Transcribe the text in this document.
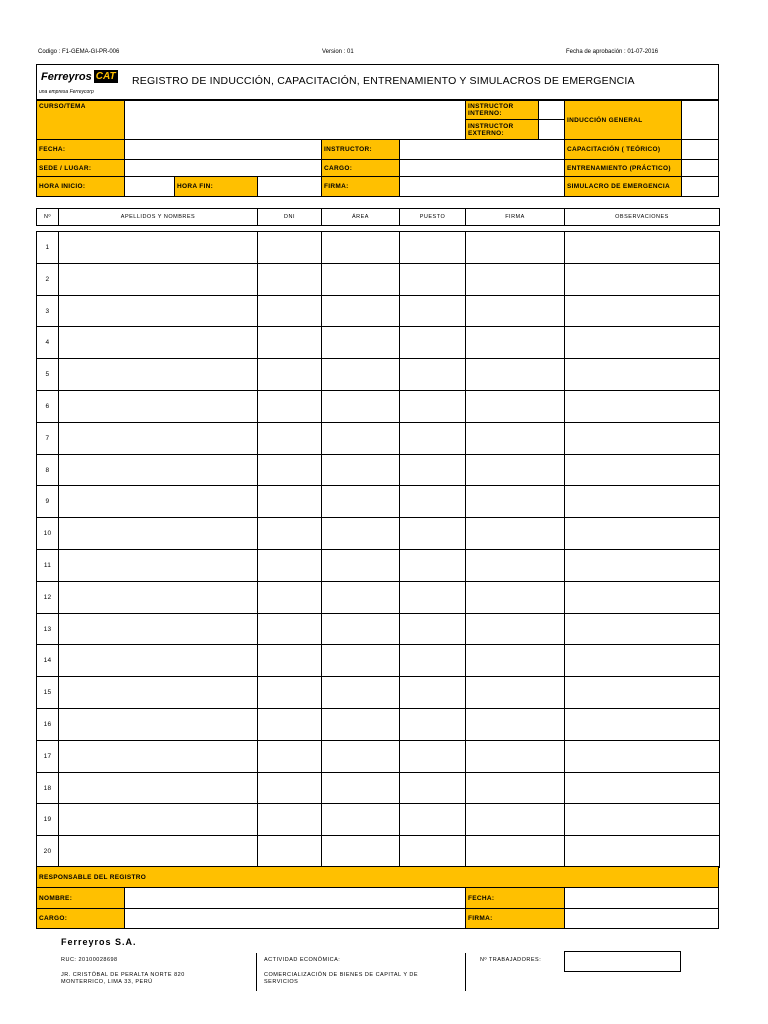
Codigo : F1-GEMA-GI-PR-006	Version : 01	Fecha de aprobación : 01-07-2016
Ferreyros CAT
una empresa Ferreycorp
REGISTRO DE INDUCCIÓN, CAPACITACIÓN, ENTRENAMIENTO Y SIMULACROS DE EMERGENCIA
CURSO/TEMA	INSTRUCTOR INTERNO:
INSTRUCTOR EXTERNO:
INDUCCIÓN GENERAL
FECHA:	INSTRUCTOR:	CAPACITACIÓN ( TEÓRICO)
SEDE / LUGAR:	CARGO:	ENTRENAMIENTO (PRÁCTICO)
HORA INICIO:	HORA FIN:	FIRMA:	SIMULACRO DE EMERGENCIA
Nº	APELLIDOS Y NOMBRES	DNI	ÁREA	PUESTO	FIRMA	OBSERVACIONES
1
2
3
4
5
6
7
8
9
10
11
12
13
14
15
16
17
18
19
20
RESPONSABLE DEL REGISTRO
NOMBRE:	FECHA:
CARGO:	FIRMA:
Ferreyros S.A.
RUC: 20100028698
JR. CRISTÓBAL DE PERALTA NORTE 820 MONTERRICO, LIMA 33, PERÚ
ACTIVIDAD ECONÓMICA:
COMERCIALIZACIÓN DE BIENES DE CAPITAL Y DE SERVICIOS
Nº TRABAJADORES:
